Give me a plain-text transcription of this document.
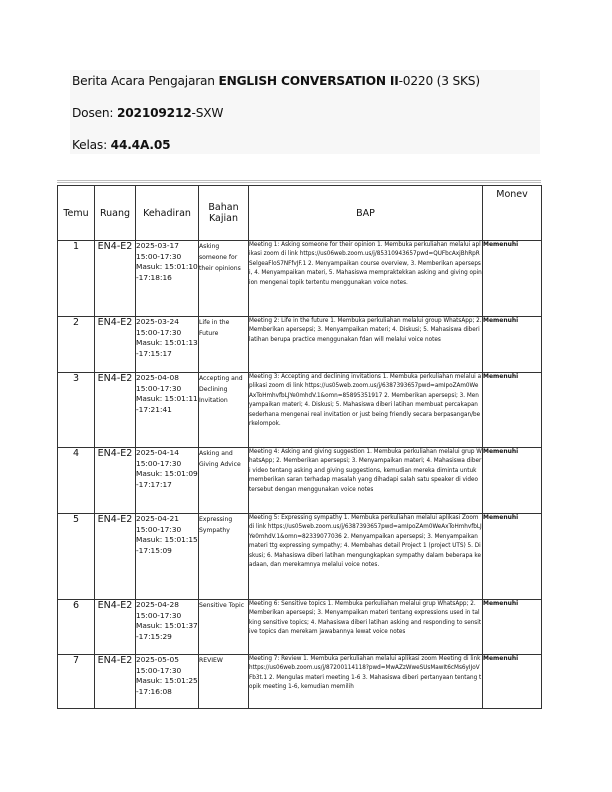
Berita Acara Pengajaran ENGLISH CONVERSATION II-0220 (3 SKS)
Dosen: 202109212-SXW
Kelas: 44.4A.05
Temu	Ruang	Kehadiran	Bahan Kajian	BAP	Monev
1	EN4-E2	2025-03-17 15:00-17:30 Masuk: 15:01:10 -17:18:16	Asking someone for their opinions	Meeting 1: Asking someone for their opinion 1. Membuka perkuliahan melalui aplikasi zoom di link https://us06web.zoom.us/j/85310943657pwd=QUFbcAxjBhRpRSelgeaFloS7NFfvJF.1 2. Menyampaikan course overview, 3. Memberikan apersepsi, 4. Menyampaikan materi, 5. Mahasiswa mempraktekkan asking and giving opinion mengenai topik tertentu menggunakan voice notes.	Memenuhi
2	EN4-E2	2025-03-24 15:00-17:30 Masuk: 15:01:13 -17:15:17	Life in the Future	Meeting 2: Life in the future 1. Membuka perkuliahan melalui group WhatsApp; 2. Memberikan apersepsi; 3. Menyampaikan materi; 4. Diskusi; 5. Mahasiswa diberi latihan berupa practice menggunakan fdan will melalui voice notes	Memenuhi
3	EN4-E2	2025-04-08 15:00-17:30 Masuk: 15:01:11 -17:21:41	Accepting and Declining Invitation	Meeting 3: Accepting and declining invitations 1. Membuka perkuliahan melalui aplikasi zoom di link https://us05web.zoom.us/j/6387393657pwd=amIpoZAm0WeAxToHmhvfbLJYe0mhdV.1&omn=85895351917 2. Memberikan apersepsi; 3. Menyampaikan materi; 4. Diskusi; 5. Mahasiswa diberi latihan membuat percakapan sederhana mengenai real invitation or just being friendly secara berpasangan/berkelompok.	Memenuhi
4	EN4-E2	2025-04-14 15:00-17:30 Masuk: 15:01:09 -17:17:17	Asking and Giving Advice	Meeting 4: Asking and giving suggestion 1. Membuka perkuliahan melalui grup WhatsApp; 2. Memberikan apersepsi; 3. Menyampaikan materi; 4. Mahasiswa diberi video tentang asking and giving suggestions, kemudian mereka diminta untuk memberikan saran terhadap masalah yang dihadapi salah satu speaker di video tersebut dengan menggunakan voice notes	Memenuhi
5	EN4-E2	2025-04-21 15:00-17:30 Masuk: 15:01:15 -17:15:09	Expressing Sympathy	Meeting 5: Expressing sympathy 1. Membuka perkuliahan melalui aplikasi Zoom di link https://us05web.zoom.us/j/6387393657pwd=amIpoZAm0WeAxToHmhvfbLJYe0mhdV.1&omn=82339077036 2. Menyampaikan apersepsi; 3. Menyampaikan materi ttg expressing sympathy; 4. Membahas detail Project 1 (project UTS) 5. Diskusi; 6. Mahasiswa diberi latihan mengungkapkan sympathy dalam beberapa keadaan, dan merekamnya melalui voice notes.	Memenuhi
6	EN4-E2	2025-04-28 15:00-17:30 Masuk: 15:01:37 -17:15:29	Sensitive Topic	Meeting 6: Sensitive topics 1. Membuka perkuliahan melalui grup WhatsApp; 2. Memberikan apersepsi; 3. Menyampaikan materi tentang expressions used in talking sensitive topics; 4. Mahasiswa diberi latihan asking and responding to sensitive topics dan merekam jawabannya lewat voice notes	Memenuhi
7	EN4-E2	2025-05-05 15:00-17:30 Masuk: 15:01:25 -17:16:08	REVIEW	Meeting 7: Review 1. Membuka perkuliahan melalui aplikasi zoom Meeting di link https://us06web.zoom.us/j/87200114118?pwd=MwAZzWweSUsMawIt6cMs6yIJoVFb3t.1 2. Mengulas materi meeting 1-6 3. Mahasiswa diberi pertanyaan tentang topik meeting 1-6, kemudian memilih	Memenuhi
